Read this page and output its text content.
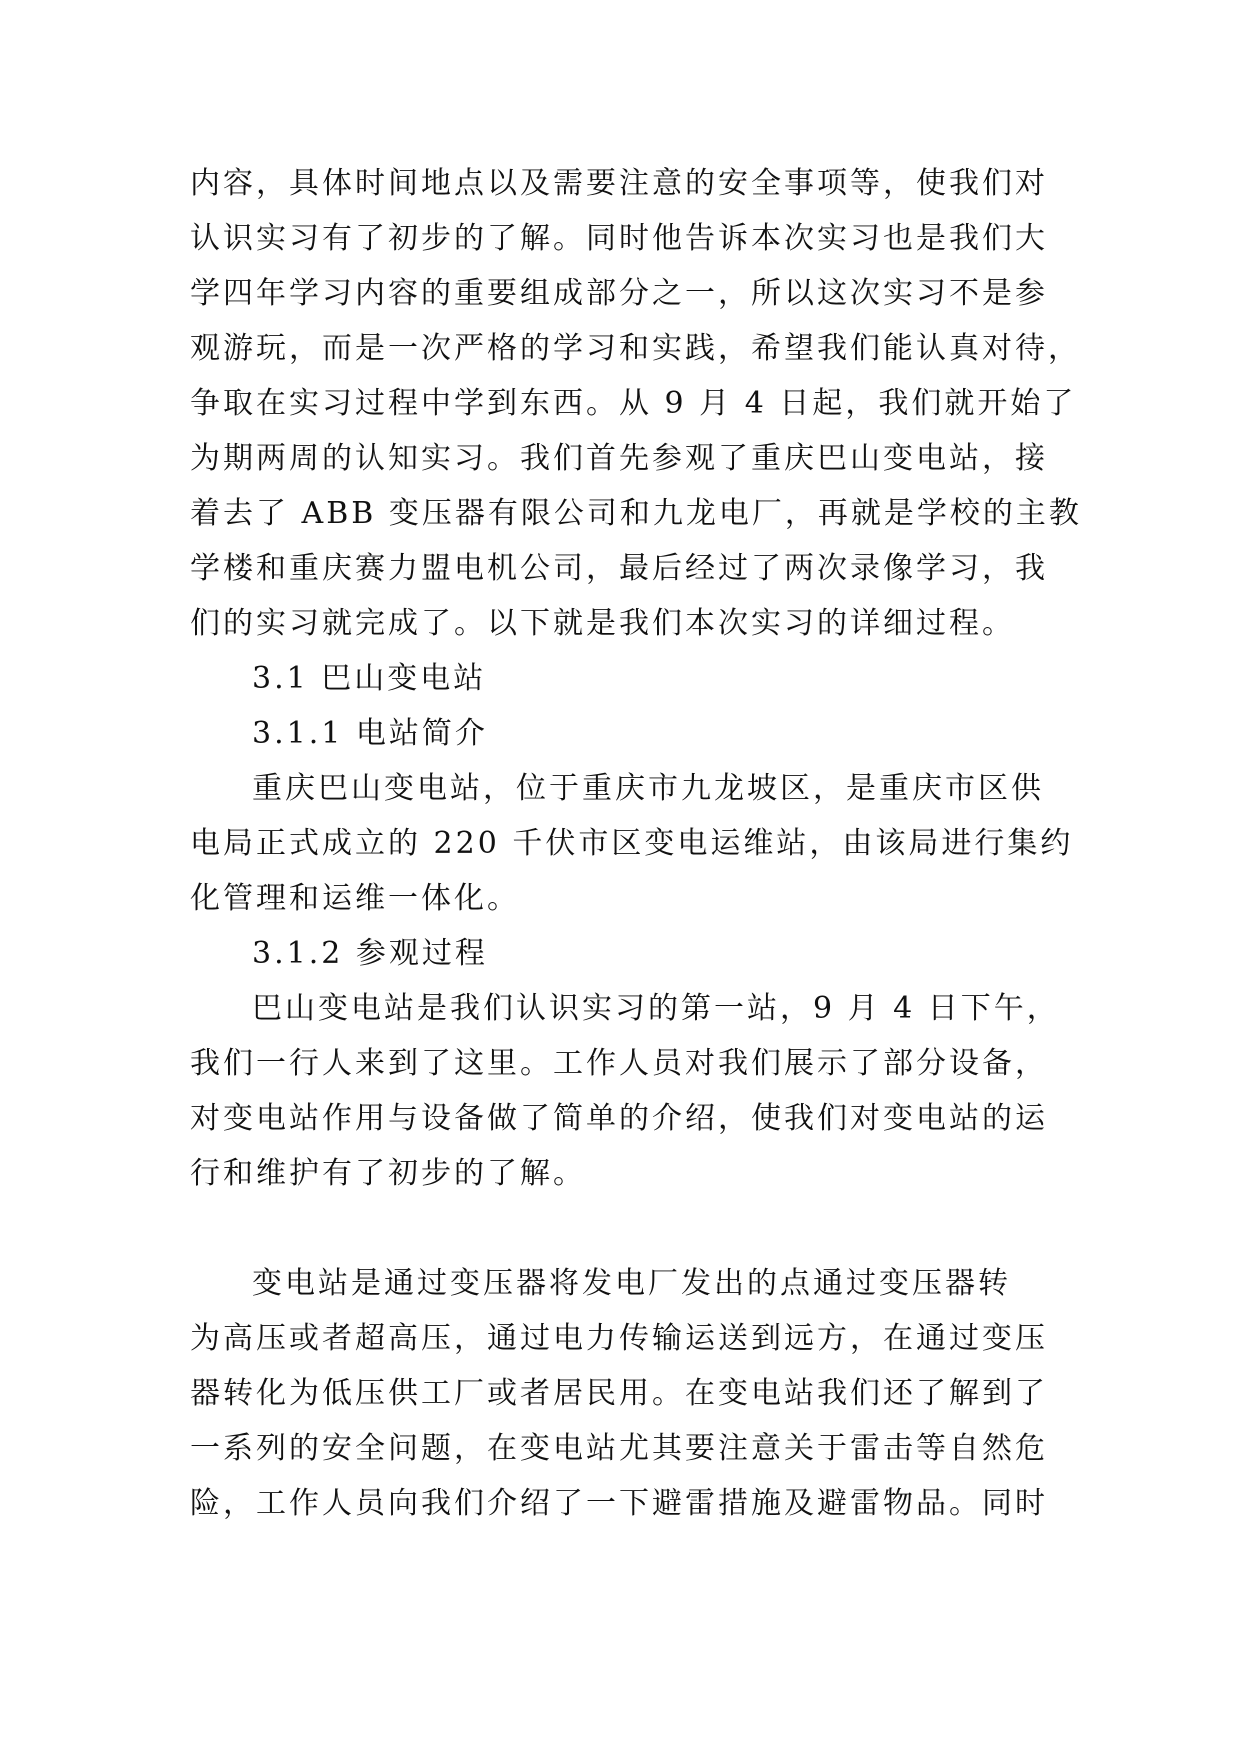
内容，具体时间地点以及需要注意的安全事项等，使我们对

认识实习有了初步的了解。同时他告诉本次实习也是我们大

学四年学习内容的重要组成部分之一，所以这次实习不是参

观游玩，而是一次严格的学习和实践，希望我们能认真对待，

争取在实习过程中学到东西。从 9 月 4 日起，我们就开始了

为期两周的认知实习。我们首先参观了重庆巴山变电站，接

着去了 ABB 变压器有限公司和九龙电厂，再就是学校的主教

学楼和重庆赛力盟电机公司，最后经过了两次录像学习，我

们的实习就完成了。以下就是我们本次实习的详细过程。

3.1 巴山变电站

3.1.1 电站简介

重庆巴山变电站，位于重庆市九龙坡区，是重庆市区供

电局正式成立的 220 千伏市区变电运维站，由该局进行集约

化管理和运维一体化。

3.1.2 参观过程

巴山变电站是我们认识实习的第一站，9 月 4 日下午，

我们一行人来到了这里。工作人员对我们展示了部分设备，

对变电站作用与设备做了简单的介绍，使我们对变电站的运

行和维护有了初步的了解。

变电站是通过变压器将发电厂发出的点通过变压器转

为高压或者超高压，通过电力传输运送到远方，在通过变压

器转化为低压供工厂或者居民用。在变电站我们还了解到了

一系列的安全问题，在变电站尤其要注意关于雷击等自然危

险，工作人员向我们介绍了一下避雷措施及避雷物品。同时
